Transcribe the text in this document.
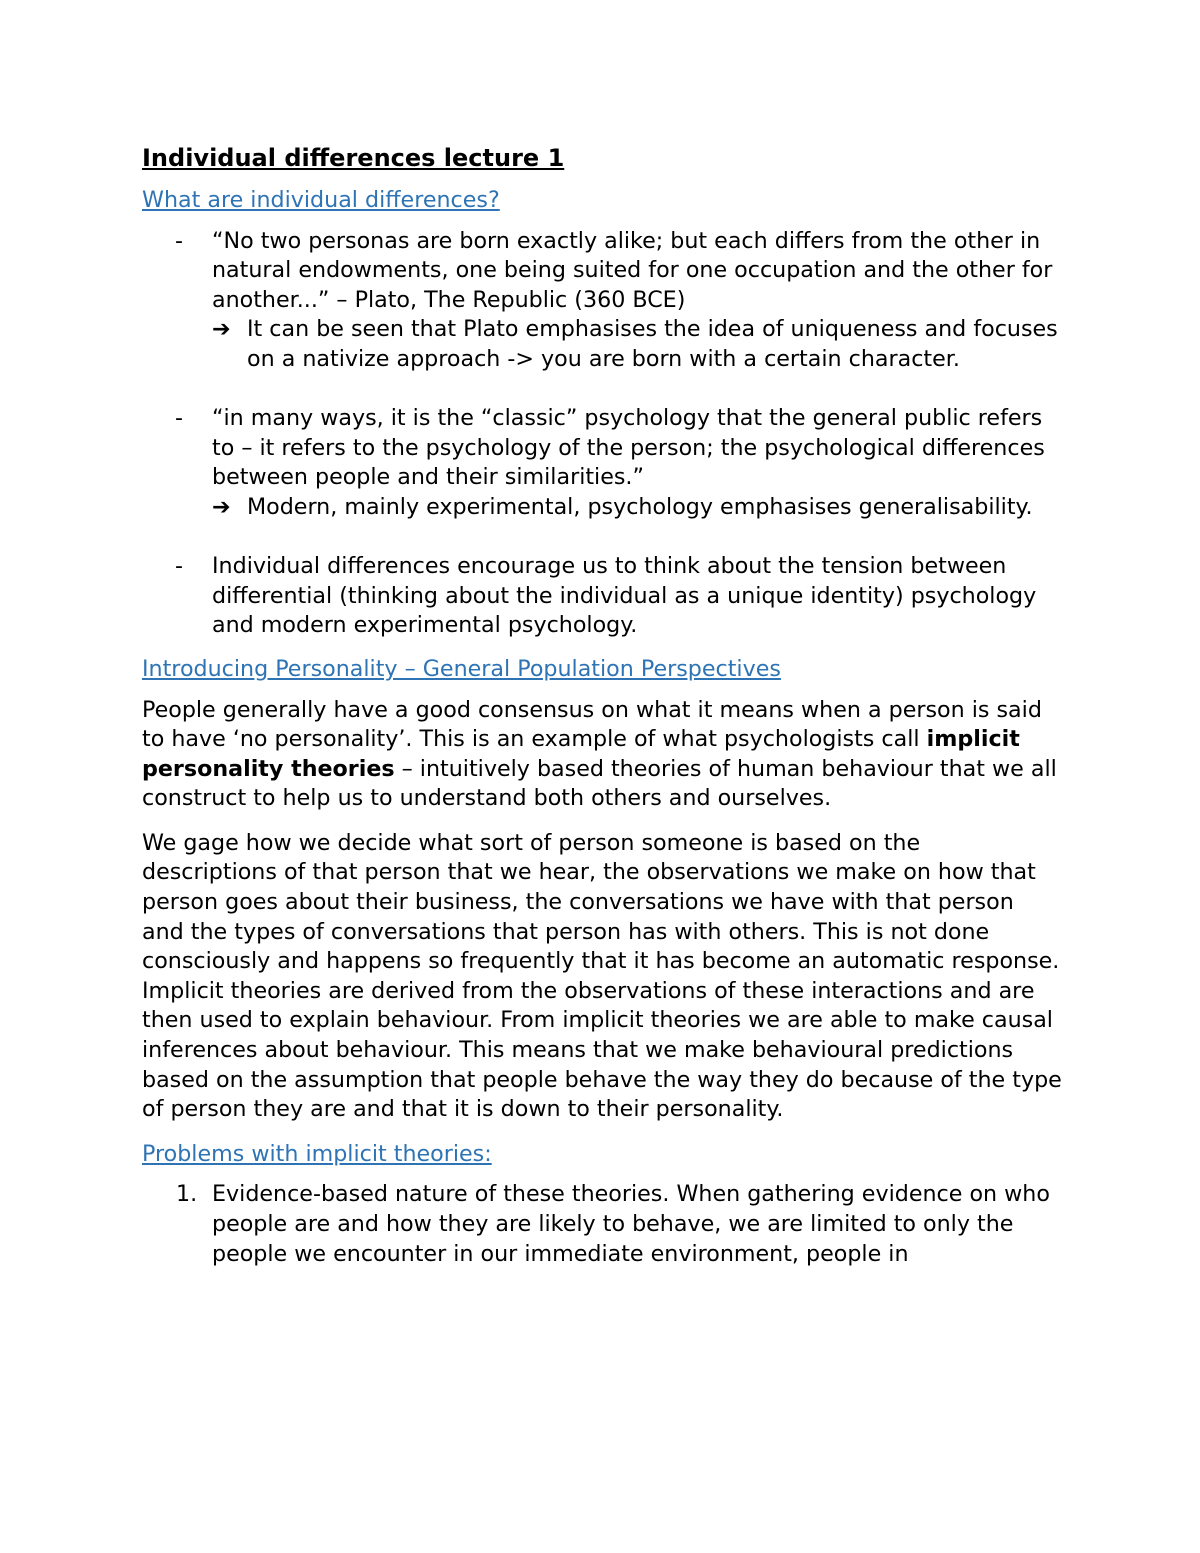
Individual differences lecture 1
What are individual differences?
- “No two personas are born exactly alike; but each differs from the other in natural endowments, one being suited for one occupation and the other for another...” – Plato, The Republic (360 BCE)
➔ It can be seen that Plato emphasises the idea of uniqueness and focuses on a nativize approach -> you are born with a certain character.
- “in many ways, it is the “classic” psychology that the general public refers to – it refers to the psychology of the person; the psychological differences between people and their similarities.”
➔ Modern, mainly experimental, psychology emphasises generalisability.
- Individual differences encourage us to think about the tension between differential (thinking about the individual as a unique identity) psychology and modern experimental psychology.
Introducing Personality – General Population Perspectives

People generally have a good consensus on what it means when a person is said to have ‘no personality’. This is an example of what psychologists call implicit personality theories – intuitively based theories of human behaviour that we all construct to help us to understand both others and ourselves.

We gage how we decide what sort of person someone is based on the descriptions of that person that we hear, the observations we make on how that person goes about their business, the conversations we have with that person and the types of conversations that person has with others. This is not done consciously and happens so frequently that it has become an automatic response. Implicit theories are derived from the observations of these interactions and are then used to explain behaviour. From implicit theories we are able to make causal inferences about behaviour. This means that we make behavioural predictions based on the assumption that people behave the way they do because of the type of person they are and that it is down to their personality.

Problems with implicit theories:
1. Evidence-based nature of these theories. When gathering evidence on who people are and how they are likely to behave, we are limited to only the people we encounter in our immediate environment, people in
